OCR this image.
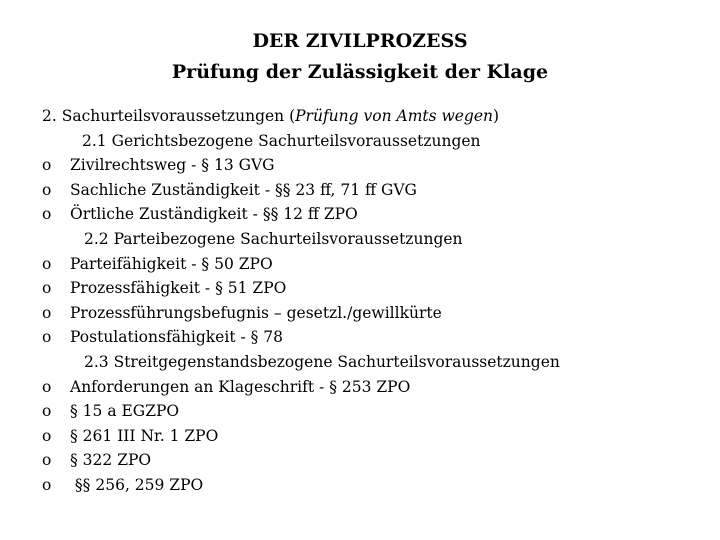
DER ZIVILPROZESS
Prüfung der Zulässigkeit der Klage
2. Sachurteilsvoraussetzungen (Prüfung von Amts wegen)
2.1 Gerichtsbezogene Sachurteilsvoraussetzungen
o Zivilrechtsweg - § 13 GVG
o Sachliche Zuständigkeit - §§ 23 ff, 71 ff GVG
o Örtliche Zuständigkeit - §§ 12 ff ZPO
2.2 Parteibezogene Sachurteilsvoraussetzungen
o Parteifähigkeit - § 50 ZPO
o Prozessfähigkeit - § 51 ZPO
o Prozessführungsbefugnis – gesetzl./gewillkürte
o Postulationsfähigkeit - § 78
2.3 Streitgegenstandsbezogene Sachurteilsvoraussetzungen
o Anforderungen an Klageschrift - § 253 ZPO
o § 15 a EGZPO
o § 261 III Nr. 1 ZPO
o § 322 ZPO
o §§ 256, 259 ZPO
